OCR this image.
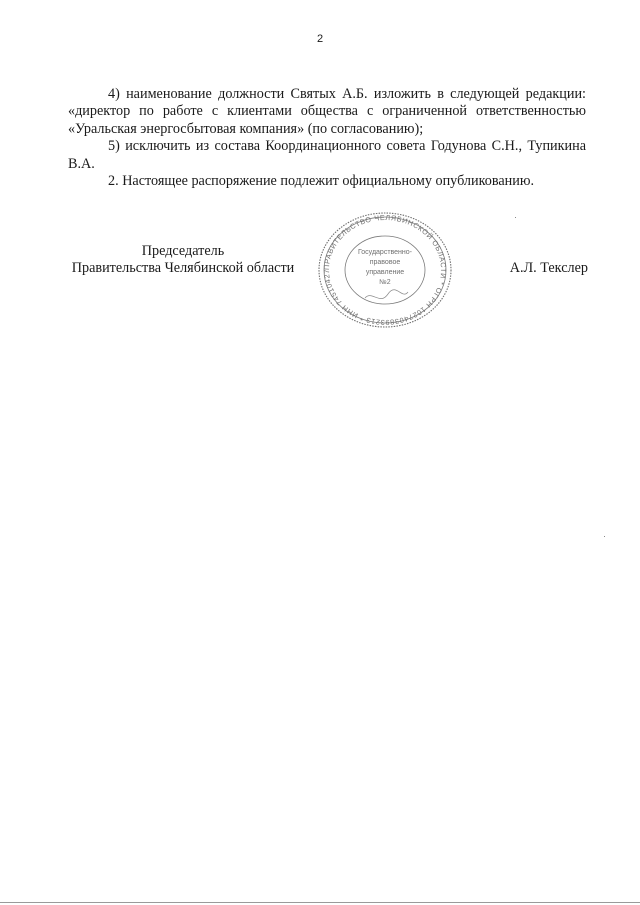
2

4) наименование должности Святых А.Б. изложить в следующей редакции: «директор по работе с клиентами общества с ограниченной ответственностью «Уральская энергосбытовая компания» (по согласованию);

5) исключить из состава Координационного совета Годунова С.Н., Тупикина В.А.

2. Настоящее распоряжение подлежит официальному опубликованию.

Председатель
Правительства Челябинской области	ПРАВИТЕЛЬСТВО ЧЕЛЯБИНСКОЙ ОБЛАСТИ * ОГРН 1027403893213 * ИНН 74510427
Государственно-
правовое
управление
№2
А.Л. Текслер
